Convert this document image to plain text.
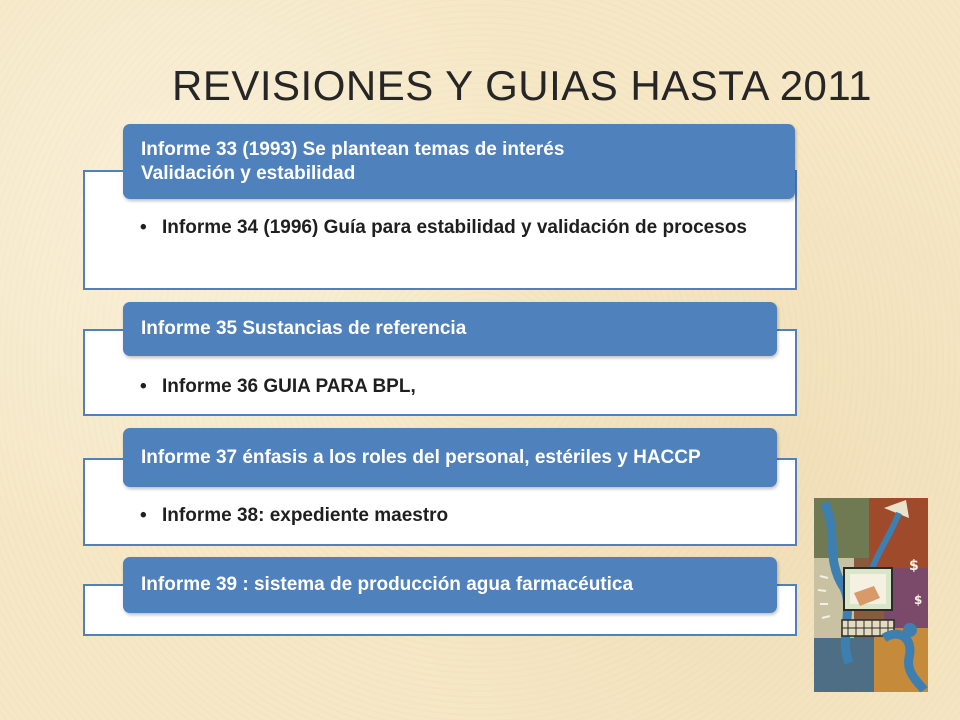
REVISIONES Y GUIAS HASTA 2011
Informe 33 (1993) Se plantean temas de interés
Validación y estabilidad
• Informe 34 (1996) Guía para estabilidad y validación de procesos
Informe 35 Sustancias de referencia
• Informe 36 GUIA PARA BPL,
Informe 37 énfasis a los roles del personal, estériles y HACCP
• Informe 38: expediente maestro
Informe 39 : sistema de producción agua farmacéutica
$
$
